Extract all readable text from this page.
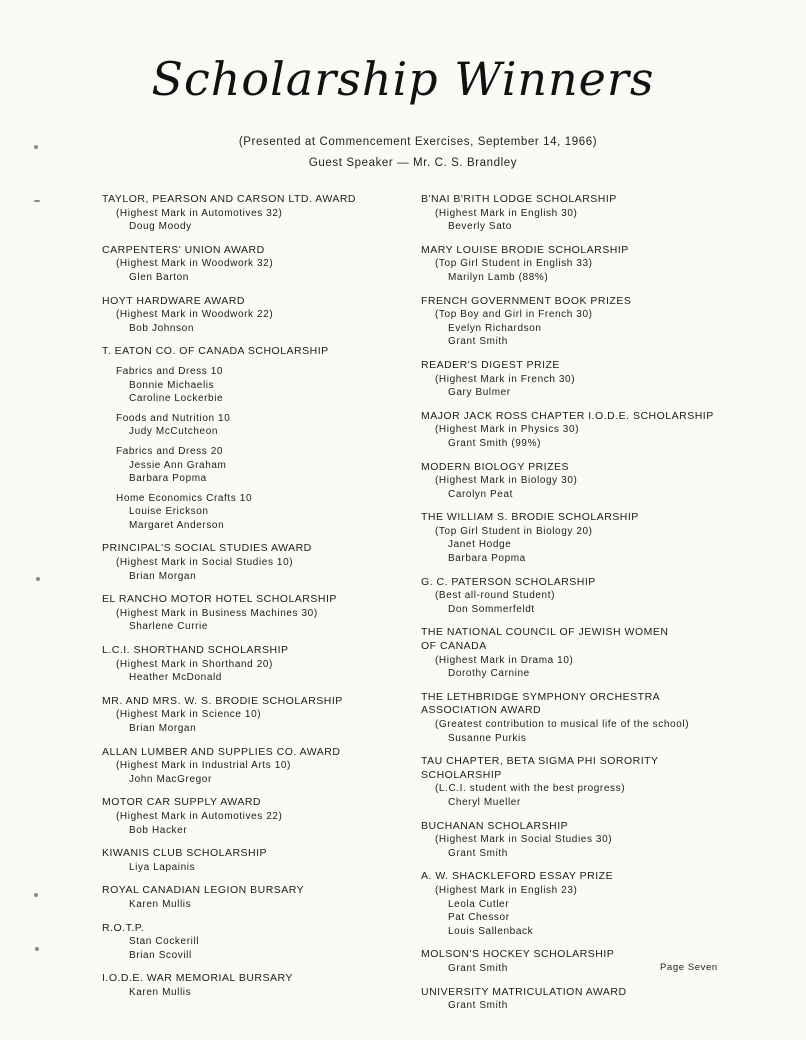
Scholarship Winners
(Presented at Commencement Exercises, September 14, 1966)
Guest Speaker — Mr. C. S. Brandley
TAYLOR, PEARSON AND CARSON LTD. AWARD
(Highest Mark in Automotives 32)
Doug Moody
CARPENTERS' UNION AWARD
(Highest Mark in Woodwork 32)
Glen Barton
HOYT HARDWARE AWARD
(Highest Mark in Woodwork 22)
Bob Johnson
T. EATON CO. OF CANADA SCHOLARSHIP
Fabrics and Dress 10
Bonnie Michaelis
Caroline Lockerbie
Foods and Nutrition 10
Judy McCutcheon
Fabrics and Dress 20
Jessie Ann Graham
Barbara Popma
Home Economics Crafts 10
Louise Erickson
Margaret Anderson
PRINCIPAL'S SOCIAL STUDIES AWARD
(Highest Mark in Social Studies 10)
Brian Morgan
EL RANCHO MOTOR HOTEL SCHOLARSHIP
(Highest Mark in Business Machines 30)
Sharlene Currie
L.C.I. SHORTHAND SCHOLARSHIP
(Highest Mark in Shorthand 20)
Heather McDonald
MR. AND MRS. W. S. BRODIE SCHOLARSHIP
(Highest Mark in Science 10)
Brian Morgan
ALLAN LUMBER AND SUPPLIES CO. AWARD
(Highest Mark in Industrial Arts 10)
John MacGregor
MOTOR CAR SUPPLY AWARD
(Highest Mark in Automotives 22)
Bob Hacker
KIWANIS CLUB SCHOLARSHIP
Liya Lapainis
ROYAL CANADIAN LEGION BURSARY
Karen Mullis
R.O.T.P.
Stan Cockerill
Brian Scovill
I.O.D.E. WAR MEMORIAL BURSARY
Karen Mullis
B'NAI B'RITH LODGE SCHOLARSHIP
(Highest Mark in English 30)
Beverly Sato
MARY LOUISE BRODIE SCHOLARSHIP
(Top Girl Student in English 33)
Marilyn Lamb (88%)
FRENCH GOVERNMENT BOOK PRIZES
(Top Boy and Girl in French 30)
Evelyn Richardson
Grant Smith
READER'S DIGEST PRIZE
(Highest Mark in French 30)
Gary Bulmer
MAJOR JACK ROSS CHAPTER I.O.D.E. SCHOLARSHIP
(Highest Mark in Physics 30)
Grant Smith (99%)
MODERN BIOLOGY PRIZES
(Highest Mark in Biology 30)
Carolyn Peat
THE WILLIAM S. BRODIE SCHOLARSHIP
(Top Girl Student in Biology 20)
Janet Hodge
Barbara Popma
G. C. PATERSON SCHOLARSHIP
(Best all-round Student)
Don Sommerfeldt
THE NATIONAL COUNCIL OF JEWISH WOMEN
OF CANADA
(Highest Mark in Drama 10)
Dorothy Carnine
THE LETHBRIDGE SYMPHONY ORCHESTRA
ASSOCIATION AWARD
(Greatest contribution to musical life of the school)
Susanne Purkis
TAU CHAPTER, BETA SIGMA PHI SORORITY
SCHOLARSHIP
(L.C.I. student with the best progress)
Cheryl Mueller
BUCHANAN SCHOLARSHIP
(Highest Mark in Social Studies 30)
Grant Smith
A. W. SHACKLEFORD ESSAY PRIZE
(Highest Mark in English 23)
Leola Cutler
Pat Chessor
Louis Sallenback
MOLSON'S HOCKEY SCHOLARSHIP
Grant Smith
UNIVERSITY MATRICULATION AWARD
Grant Smith
Page Seven
